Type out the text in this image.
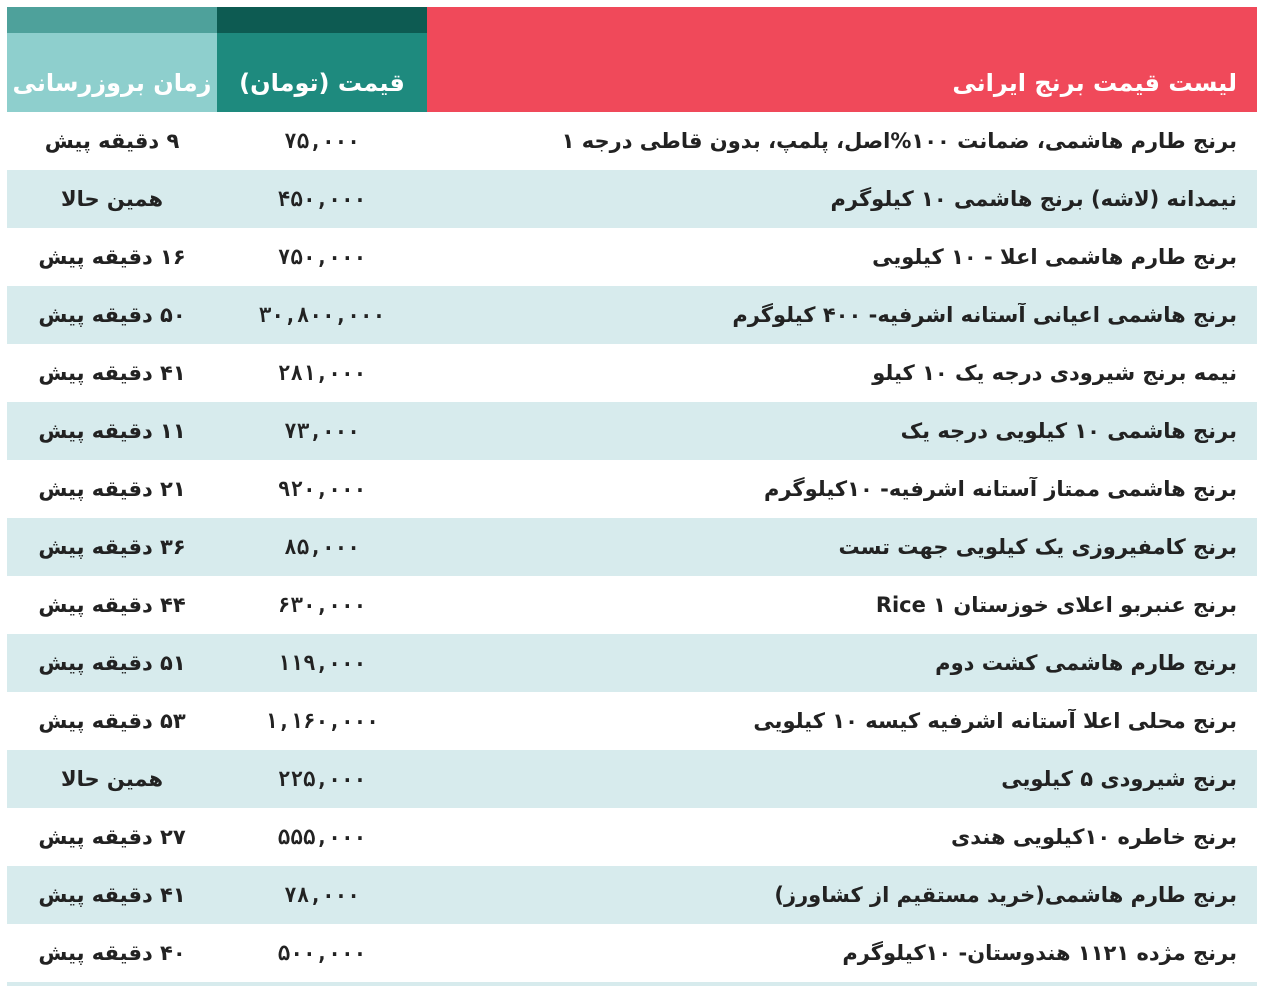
لیست قیمت برنج ایرانی
قیمت (تومان)
زمان بروزرسانی
برنج طارم هاشمی، ضمانت ۱۰۰%اصل، پلمپ، بدون قاطی درجه ۱
۷۵,۰۰۰
۹ دقیقه پیش
نیمدانه (لاشه) برنج هاشمی ۱۰ کیلوگرم
۴۵۰,۰۰۰
همین حالا
برنج طارم هاشمی اعلا - ۱۰ کیلویی
۷۵۰,۰۰۰
۱۶ دقیقه پیش
برنج هاشمی اعیانی آستانه اشرفیه- ۴۰۰ کیلوگرم
۳۰,۸۰۰,۰۰۰
۵۰ دقیقه پیش
نیمه برنج شیرودی درجه یک ۱۰ کیلو
۲۸۱,۰۰۰
۴۱ دقیقه پیش
برنج هاشمی ۱۰ کیلویی درجه یک
۷۳,۰۰۰
۱۱ دقیقه پیش
برنج هاشمی ممتاز آستانه اشرفیه- ۱۰کیلوگرم
۹۲۰,۰۰۰
۲۱ دقیقه پیش
برنج کامفیروزی یک کیلویی جهت تست
۸۵,۰۰۰
۳۶ دقیقه پیش
برنج عنبربو اعلای خوزستان Rice ۱
۶۳۰,۰۰۰
۴۴ دقیقه پیش
برنج طارم هاشمی کشت دوم
۱۱۹,۰۰۰
۵۱ دقیقه پیش
برنج محلی اعلا آستانه اشرفیه کیسه ۱۰ کیلویی
۱,۱۶۰,۰۰۰
۵۳ دقیقه پیش
برنج شیرودی ۵ کیلویی
۲۲۵,۰۰۰
همین حالا
برنج خاطره ۱۰کیلویی هندی
۵۵۵,۰۰۰
۲۷ دقیقه پیش
برنج طارم هاشمی(خرید مستقیم از کشاورز)
۷۸,۰۰۰
۴۱ دقیقه پیش
برنج مژده ۱۱۲۱ هندوستان- ۱۰کیلوگرم
۵۰۰,۰۰۰
۴۰ دقیقه پیش
